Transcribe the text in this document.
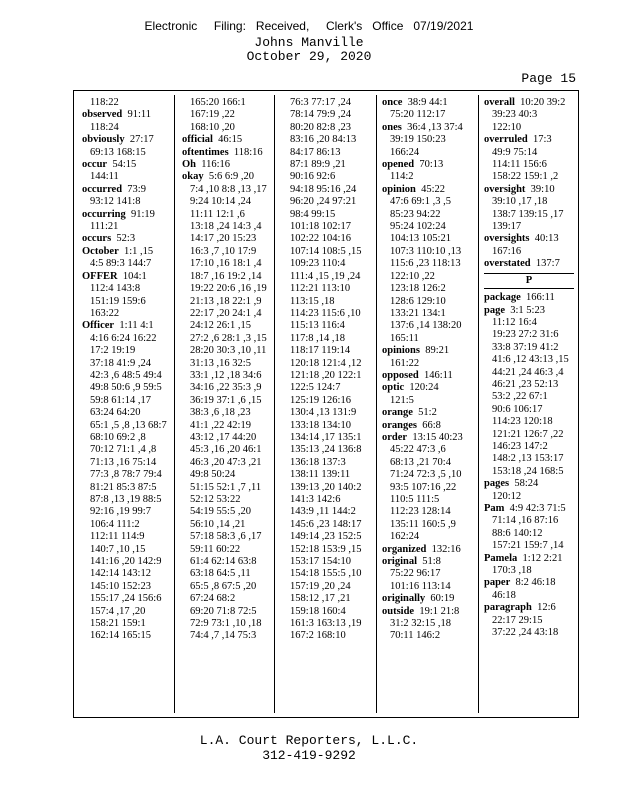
Electronic     Filing:   Received,     Clerk's   Office   07/19/2021
Johns Manville
October 29, 2020
Page 15
118:22
observed 91:11
118:24
obviously 27:17
69:13 168:15
occur 54:15
144:11
occurred 73:9
93:12 141:8
occurring 91:19
111:21
occurs 52:3
October 1:1 ,15
4:5 89:3 144:7
OFFER 104:1
112:4 143:8
151:19 159:6
163:22
Officer 1:11 4:1
4:16 6:24 16:22
17:2 19:19
37:18 41:9 ,24
42:3 ,6 48:5 49:4
49:8 50:6 ,9 59:5
59:8 61:14 ,17
63:24 64:20
65:1 ,5 ,8 ,13 68:7
68:10 69:2 ,8
70:12 71:1 ,4 ,8
71:13 ,16 75:14
77:3 ,8 78:7 79:4
81:21 85:3 87:5
87:8 ,13 ,19 88:5
92:16 ,19 99:7
106:4 111:2
112:11 114:9
140:7 ,10 ,15
141:16 ,20 142:9
142:14 143:12
145:10 152:23
155:17 ,24 156:6
157:4 ,17 ,20
158:21 159:1
162:14 165:15
165:20 166:1
167:19 ,22
168:10 ,20
official 46:15
oftentimes 118:16
Oh 116:16
okay 5:6 6:9 ,20
7:4 ,10 8:8 ,13 ,17
9:24 10:14 ,24
11:11 12:1 ,6
13:18 ,24 14:3 ,4
14:17 ,20 15:23
16:3 ,7 ,10 17:9
17:10 ,16 18:1 ,4
18:7 ,16 19:2 ,14
19:22 20:6 ,16 ,19
21:13 ,18 22:1 ,9
22:17 ,20 24:1 ,4
24:12 26:1 ,15
27:2 ,6 28:1 ,3 ,15
28:20 30:3 ,10 ,11
31:13 ,16 32:5
33:1 ,12 ,18 34:6
34:16 ,22 35:3 ,9
36:19 37:1 ,6 ,15
38:3 ,6 ,18 ,23
41:1 ,22 42:19
43:12 ,17 44:20
45:3 ,16 ,20 46:1
46:3 ,20 47:3 ,21
49:8 50:24
51:15 52:1 ,7 ,11
52:12 53:22
54:19 55:5 ,20
56:10 ,14 ,21
57:18 58:3 ,6 ,17
59:11 60:22
61:4 62:14 63:8
63:18 64:5 ,11
65:5 ,8 67:5 ,20
67:24 68:2
69:20 71:8 72:5
72:9 73:1 ,10 ,18
74:4 ,7 ,14 75:3
76:3 77:17 ,24
78:14 79:9 ,24
80:20 82:8 ,23
83:16 ,20 84:13
84:17 86:13
87:1 89:9 ,21
90:16 92:6
94:18 95:16 ,24
96:20 ,24 97:21
98:4 99:15
101:18 102:17
102:22 104:16
107:14 108:5 ,15
109:23 110:4
111:4 ,15 ,19 ,24
112:21 113:10
113:15 ,18
114:23 115:6 ,10
115:13 116:4
117:8 ,14 ,18
118:17 119:14
120:18 121:4 ,12
121:18 ,20 122:1
122:5 124:7
125:19 126:16
130:4 ,13 131:9
133:18 134:10
134:14 ,17 135:1
135:13 ,24 136:8
136:18 137:3
138:11 139:11
139:13 ,20 140:2
141:3 142:6
143:9 ,11 144:2
145:6 ,23 148:17
149:14 ,23 152:5
152:18 153:9 ,15
153:17 154:10
154:18 155:5 ,10
157:19 ,20 ,24
158:12 ,17 ,21
159:18 160:4
161:3 163:13 ,19
167:2 168:10
once 38:9 44:1
75:20 112:17
ones 36:4 ,13 37:4
39:19 150:23
166:24
opened 70:13
114:2
opinion 45:22
47:6 69:1 ,3 ,5
85:23 94:22
95:24 102:24
104:13 105:21
107:3 110:10 ,13
115:6 ,23 118:13
122:10 ,22
123:18 126:2
128:6 129:10
133:21 134:1
137:6 ,14 138:20
165:11
opinions 89:21
161:22
opposed 146:11
optic 120:24
121:5
orange 51:2
oranges 66:8
order 13:15 40:23
45:22 47:3 ,6
68:13 ,21 70:4
71:24 72:3 ,5 ,10
93:5 107:16 ,22
110:5 111:5
112:23 128:14
135:11 160:5 ,9
162:24
organized 132:16
original 51:8
75:22 96:17
101:16 113:14
originally 60:19
outside 19:1 21:8
31:2 32:15 ,18
70:11 146:2
overall 10:20 39:2
39:23 40:3
122:10
overruled 17:3
49:9 75:14
114:11 156:6
158:22 159:1 ,2
oversight 39:10
39:10 ,17 ,18
138:7 139:15 ,17
139:17
oversights 40:13
167:16
overstated 137:7
P
package 166:11
page 3:1 5:23
11:12 16:4
19:23 27:2 31:6
33:8 37:19 41:2
41:6 ,12 43:13 ,15
44:21 ,24 46:3 ,4
46:21 ,23 52:13
53:2 ,22 67:1
90:6 106:17
114:23 120:18
121:21 126:7 ,22
146:23 147:2
148:2 ,13 153:17
153:18 ,24 168:5
pages 58:24
120:12
Pam 4:9 42:3 71:5
71:14 ,16 87:16
88:6 140:12
157:21 159:7 ,14
Pamela 1:12 2:21
170:3 ,18
paper 8:2 46:18
46:18
paragraph 12:6
22:17 29:15
37:22 ,24 43:18
L.A. Court Reporters, L.L.C.
312-419-9292
